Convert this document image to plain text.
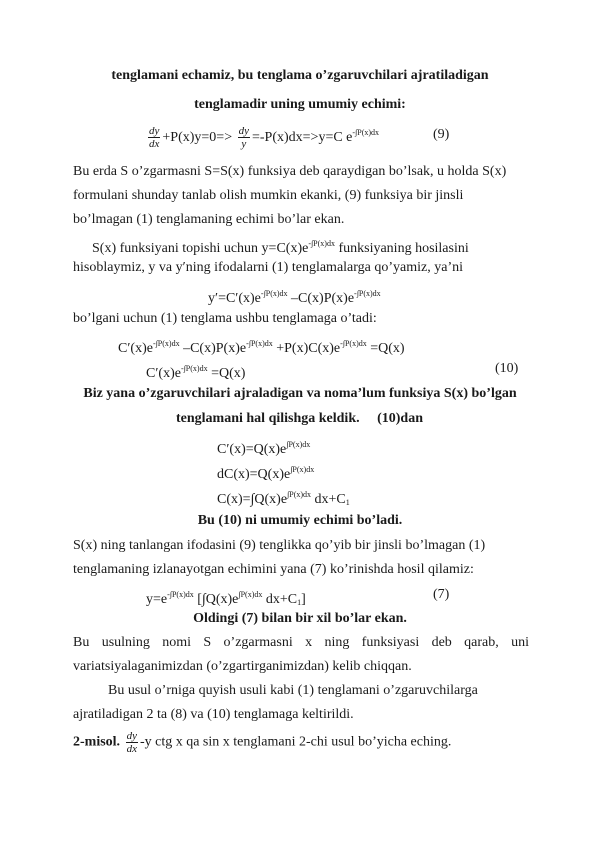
tenglamani echamiz, bu tenglama o’zgaruvchilari ajratiladigan
tenglamadir uning umumiy echimi:
$\frac{dy}{dx} +P(x)y=0=> \frac{dy}{y} =-P(x)dx=>y=C$ $e^{-\int P(x)dx}$	(9)
Bu erda S o’zgarmasni S=S(x) funksiya deb qaraydigan bo’lsak, u holda S(x)
formulani shunday tanlab olish mumkin ekanki, (9) funksiya bir jinsli
bo’lmagan (1) tenglamaning echimi bo’lar ekan.
S(x) funksiyani topishi uchun $y=C(x)e^{-\int P(x)dx}$ funksiyaning hosilasini
hisoblaymiz, y va y′ning ifodalarni (1) tenglamalarga qo’yamiz, ya’ni
$y'=C'(x)e^{-\int P(x)dx}$ $-C(x)P(x)e^{-\int P(x)dx}$
bo’lgani uchun (1) tenglama ushbu tenglamaga o’tadi:
$C'(x)e^{-\int P(x)dx}$ $-C(x)P(x)e^{-\int P(x)dx} +P(x)C(x)e^{-\int P(x)dx} =Q(x)$
$C'(x)e^{-\int P(x)dx} =Q(x)$	(10)
Biz yana o’zgaruvchilari ajraladigan va noma’lum funksiya S(x) bo’lgan
tenglamani hal qilishga keldik. (10)dan
$C'(x)=Q(x)e^{\int P(x)dx}$
$dC(x)=Q(x)e^{\int P(x)dx}$
$C(x)=\int Q(x)e^{\int P(x)dx}$ $dx+C_1$
Bu (10) ni umumiy echimi bo’ladi.
S(x) ning tanlangan ifodasini (9) tenglikka qo’yib bir jinsli bo’lmagan (1)
tenglamaning izlanayotgan echimini yana (7) ko’rinishda hosil qilamiz:
$y=e^{-\int P(x)dx}$ [$\int Q(x)e^{\int P(x)dx}$ $dx+C_1$]	(7)
Oldingi (7) bilan bir xil bo’lar ekan.
Bu usulning nomi S o’zgarmasni x ning funksiyasi deb qarab, uni
variatsiyalaganimizdan (o’zgartirganimizdan) kelib chiqqan.
Bu usul o’rniga quyish usuli kabi (1) tenglamani o’zgaruvchilarga
ajratiladigan 2 ta (8) va (10) tenglamaga keltirildi.
2-misol. $\frac{dy}{dx} -y$ ctg x qa sin x tenglamani 2-chi usul bo’yicha eching.
